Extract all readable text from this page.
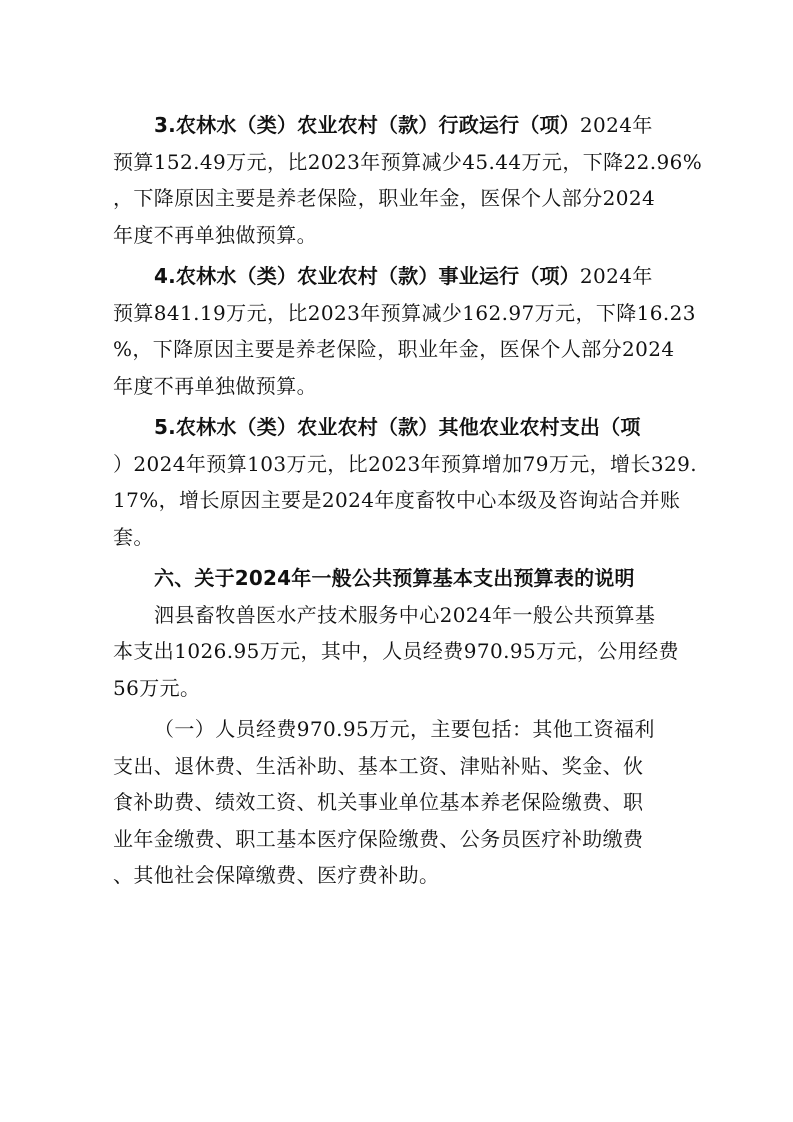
3.农林水（类）农业农村（款）行政运行（项）2024年
预算152.49万元，比2023年预算减少45.44万元，下降22.96%
，下降原因主要是养老保险，职业年金，医保个人部分2024
年度不再单独做预算。
4.农林水（类）农业农村（款）事业运行（项）2024年
预算841.19万元，比2023年预算减少162.97万元，下降16.23
%，下降原因主要是养老保险，职业年金，医保个人部分2024
年度不再单独做预算。
5.农林水（类）农业农村（款）其他农业农村支出（项
）2024年预算103万元，比2023年预算增加79万元，增长329.
17%，增长原因主要是2024年度畜牧中心本级及咨询站合并账
套。
六、关于2024年一般公共预算基本支出预算表的说明
泗县畜牧兽医水产技术服务中心2024年一般公共预算基
本支出1026.95万元，其中，人员经费970.95万元，公用经费
56万元。
（一）人员经费970.95万元，主要包括：其他工资福利
支出、退休费、生活补助、基本工资、津贴补贴、奖金、伙
食补助费、绩效工资、机关事业单位基本养老保险缴费、职
业年金缴费、职工基本医疗保险缴费、公务员医疗补助缴费
、其他社会保障缴费、医疗费补助。
